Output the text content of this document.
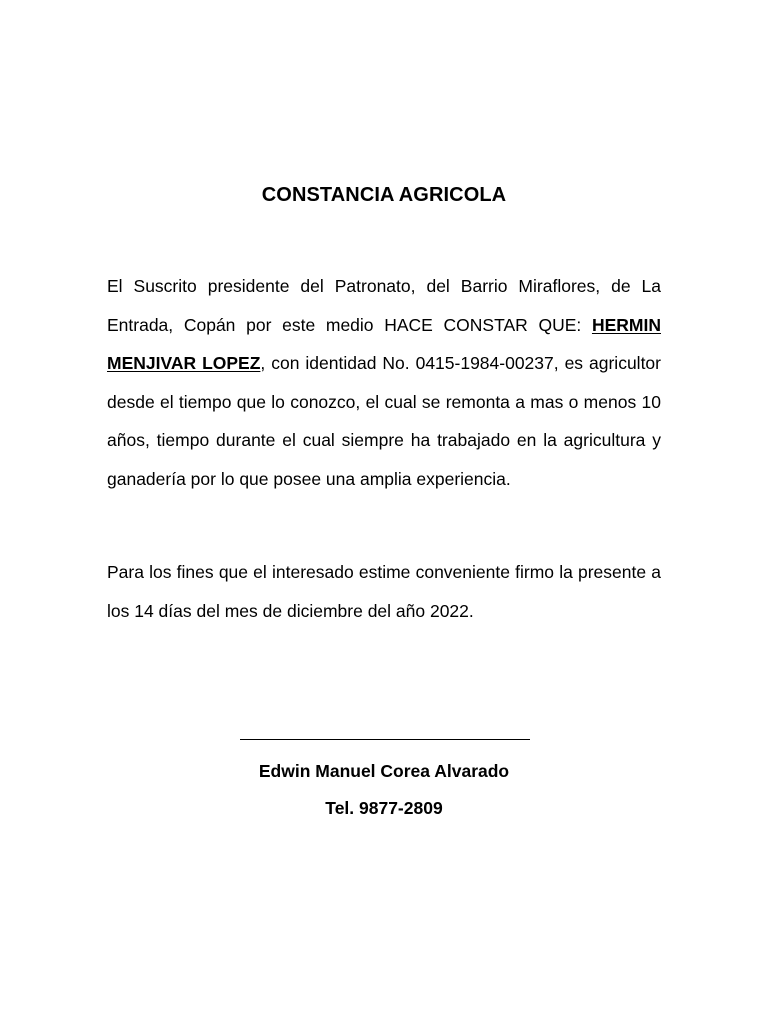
CONSTANCIA AGRICOLA
El Suscrito presidente del Patronato, del Barrio Miraflores, de La Entrada, Copán por este medio HACE CONSTAR QUE: HERMIN MENJIVAR LOPEZ, con identidad No. 0415-1984-00237, es agricultor desde el tiempo que lo conozco, el cual se remonta a mas o menos 10 años, tiempo durante el cual siempre ha trabajado en la agricultura y ganadería por lo que posee una amplia experiencia.
Para los fines que el interesado estime conveniente firmo la presente a los 14 días del mes de diciembre del año 2022.
Edwin Manuel Corea Alvarado
Tel. 9877-2809
